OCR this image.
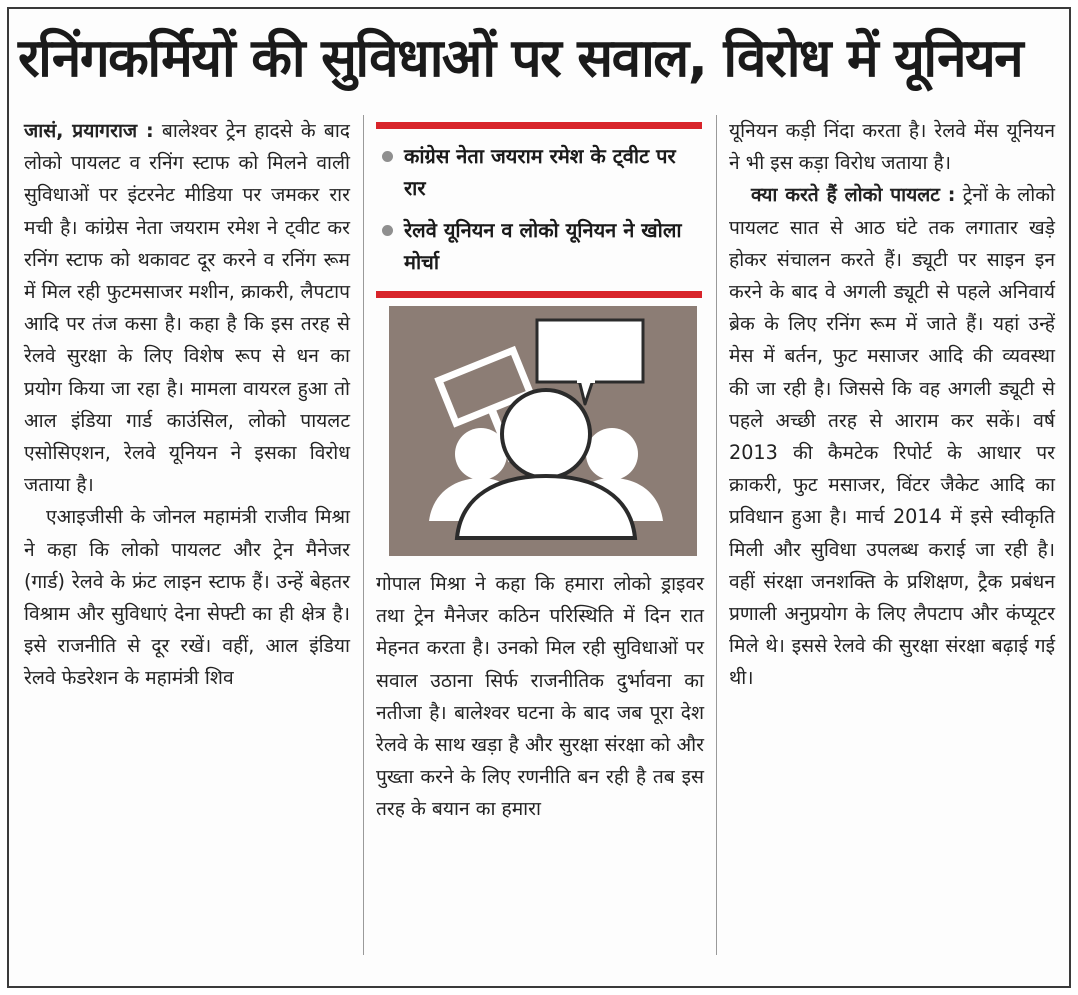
रनिंगकर्मियों की सुविधाओं पर सवाल, विरोध में यूनियन

जासं, प्रयागराज : बालेश्वर ट्रेन हादसे के बाद लोको पायलट व रनिंग स्टाफ को मिलने वाली सुविधाओं पर इंटरनेट मीडिया पर जमकर रार मची है। कांग्रेस नेता जयराम रमेश ने ट्वीट कर रनिंग स्टाफ को थकावट दूर करने व रनिंग रूम में मिल रही फुटमसाजर मशीन, क्राकरी, लैपटाप आदि पर तंज कसा है। कहा है कि इस तरह से रेलवे सुरक्षा के लिए विशेष रूप से धन का प्रयोग किया जा रहा है। मामला वायरल हुआ तो आल इंडिया गार्ड काउंसिल, लोको पायलट एसोसिएशन, रेलवे यूनियन ने इसका विरोध जताया है।

एआइजीसी के जोनल महामंत्री राजीव मिश्रा ने कहा कि लोको पायलट और ट्रेन मैनेजर (गार्ड) रेलवे के फ्रंट लाइन स्टाफ हैं। उन्हें बेहतर विश्राम और सुविधाएं देना सेफ्टी का ही क्षेत्र है। इसे राजनीति से दूर रखें। वहीं, आल इंडिया रेलवे फेडरेशन के महामंत्री शिव

कांग्रेस नेता जयराम रमेश के ट्वीट पर रार
रेलवे यूनियन व लोको यूनियन ने खोला मोर्चा

गोपाल मिश्रा ने कहा कि हमारा लोको ड्राइवर तथा ट्रेन मैनेजर कठिन परिस्थिति में दिन रात मेहनत करता है। उनको मिल रही सुविधाओं पर सवाल उठाना सिर्फ राजनीतिक दुर्भावना का नतीजा है। बालेश्वर घटना के बाद जब पूरा देश रेलवे के साथ खड़ा है और सुरक्षा संरक्षा को और पुख्ता करने के लिए रणनीति बन रही है तब इस तरह के बयान का हमारा

यूनियन कड़ी निंदा करता है। रेलवे मेंस यूनियन ने भी इस कड़ा विरोध जताया है।

क्या करते हैं लोको पायलट : ट्रेनों के लोको पायलट सात से आठ घंटे तक लगातार खड़े होकर संचालन करते हैं। ड्यूटी पर साइन इन करने के बाद वे अगली ड्यूटी से पहले अनिवार्य ब्रेक के लिए रनिंग रूम में जाते हैं। यहां उन्हें मेस में बर्तन, फुट मसाजर आदि की व्यवस्था की जा रही है। जिससे कि वह अगली ड्यूटी से पहले अच्छी तरह से आराम कर सकें। वर्ष 2013 की कैमटेक रिपोर्ट के आधार पर क्राकरी, फुट मसाजर, विंटर जैकेट आदि का प्रविधान हुआ है। मार्च 2014 में इसे स्वीकृति मिली और सुविधा उपलब्ध कराई जा रही है। वहीं संरक्षा जनशक्ति के प्रशिक्षण, ट्रैक प्रबंधन प्रणाली अनुप्रयोग के लिए लैपटाप और कंप्यूटर मिले थे। इससे रेलवे की सुरक्षा संरक्षा बढ़ाई गई थी।
